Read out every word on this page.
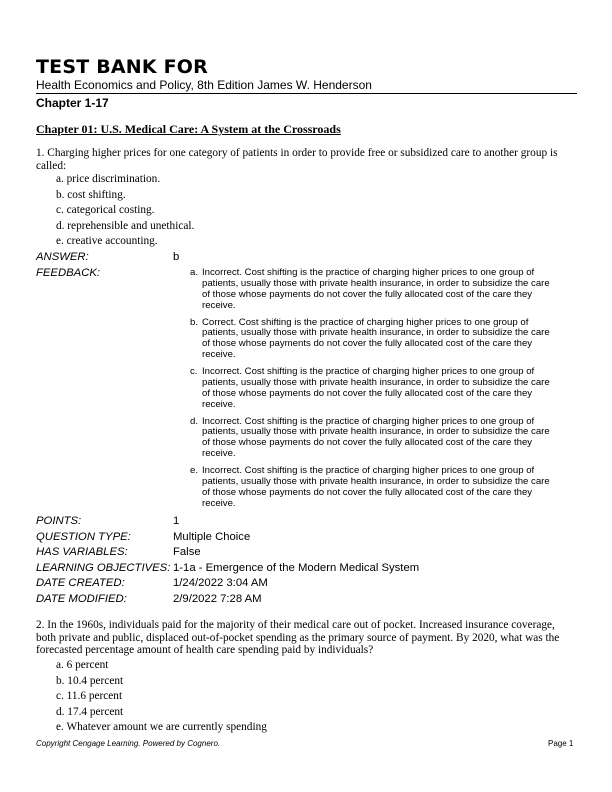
TEST BANK FOR
Health Economics and Policy, 8th Edition James W. Henderson
Chapter 1-17
Chapter 01: U.S. Medical Care: A System at the Crossroads
1. Charging higher prices for one category of patients in order to provide free or subsidized care to another group is called:
a. price discrimination.
b. cost shifting.
c. categorical costing.
d. reprehensible and unethical.
e. creative accounting.
ANSWER:	b
FEEDBACK:	a. Incorrect. Cost shifting is the practice of charging higher prices to one group of patients, usually those with private health insurance, in order to subsidize the care of those whose payments do not cover the fully allocated cost of the care they receive.
b. Correct. Cost shifting is the practice of charging higher prices to one group of patients, usually those with private health insurance, in order to subsidize the care of those whose payments do not cover the fully allocated cost of the care they receive.
c. Incorrect. Cost shifting is the practice of charging higher prices to one group of patients, usually those with private health insurance, in order to subsidize the care of those whose payments do not cover the fully allocated cost of the care they receive.
d. Incorrect. Cost shifting is the practice of charging higher prices to one group of patients, usually those with private health insurance, in order to subsidize the care of those whose payments do not cover the fully allocated cost of the care they receive.
e. Incorrect. Cost shifting is the practice of charging higher prices to one group of patients, usually those with private health insurance, in order to subsidize the care of those whose payments do not cover the fully allocated cost of the care they receive.
POINTS:	1
QUESTION TYPE:	Multiple Choice
HAS VARIABLES:	False
LEARNING OBJECTIVES: 1-1a - Emergence of the Modern Medical System
DATE CREATED:	1/24/2022 3:04 AM
DATE MODIFIED:	2/9/2022 7:28 AM
2. In the 1960s, individuals paid for the majority of their medical care out of pocket. Increased insurance coverage, both private and public, displaced out-of-pocket spending as the primary source of payment. By 2020, what was the forecasted percentage amount of health care spending paid by individuals?
a. 6 percent
b. 10.4 percent
c. 11.6 percent
d. 17.4 percent
e. Whatever amount we are currently spending
Copyright Cengage Learning. Powered by Cognero.	Page 1
